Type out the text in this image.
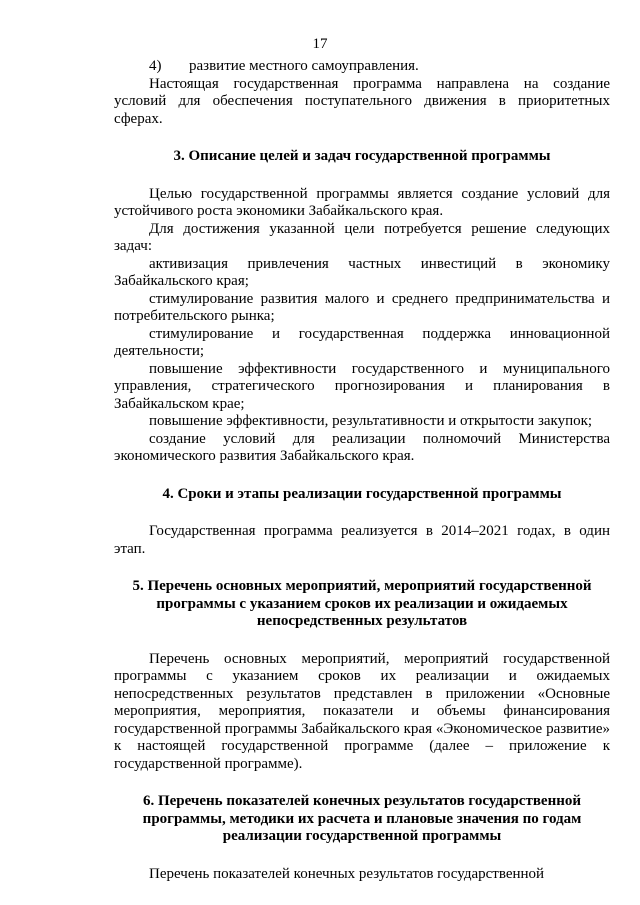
17
4)	развитие местного самоуправления.

Настоящая государственная программа направлена на создание условий для обеспечения поступательного движения в приоритетных сферах.

3. Описание целей и задач государственной программы

Целью государственной программы является создание условий для устойчивого роста экономики Забайкальского края.

Для достижения указанной цели потребуется решение следующих задач:

активизация привлечения частных инвестиций в экономику Забайкальского края;

стимулирование развития малого и среднего предпринимательства и потребительского рынка;

стимулирование и государственная поддержка инновационной деятельности;

повышение эффективности государственного и муниципального управления, стратегического прогнозирования и планирования в Забайкальском крае;

повышение эффективности, результативности и открытости закупок;

создание условий для реализации полномочий Министерства экономического развития Забайкальского края.

4. Сроки и этапы реализации государственной программы

Государственная программа реализуется в 2014–2021 годах, в один этап.

5. Перечень основных мероприятий, мероприятий государственной программы с указанием сроков их реализации и ожидаемых непосредственных результатов

Перечень основных мероприятий, мероприятий государственной программы с указанием сроков их реализации и ожидаемых непосредственных результатов представлен в приложении «Основные мероприятия, мероприятия, показатели и объемы финансирования государственной программы Забайкальского края «Экономическое развитие» к настоящей государственной программе (далее – приложение к государственной программе).

6. Перечень показателей конечных результатов государственной программы, методики их расчета и плановые значения по годам реализации государственной программы

Перечень показателей конечных результатов государственной
